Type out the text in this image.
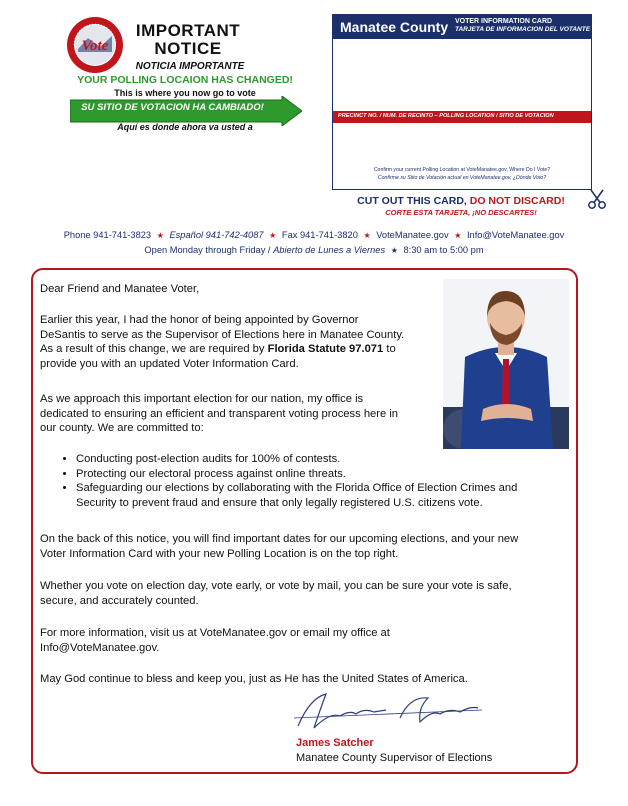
Vote
IMPORTANT
NOTICE
NOTICIA IMPORTANTE
YOUR POLLING LOCAION HAS CHANGED!
This is where you now go to vote
SU SITIO DE VOTACION HA CAMBIADO!
Aquí es donde ahora va usted a
Manatee County VOTER INFORMATION CARD
TARJETA DE INFORMACION DEL VOTANTE
PRECINCT NO. / NUM. DE RECINTO – POLLING LOCATION / SITIO DE VOTACION
Confirm your current Polling Location at VoteManatee.gov, Where Do I Vote?
Confirme su Sitio de Votación actual en VoteManatee.gov, ¿Dónde Voto?
CUT OUT THIS CARD, DO NOT DISCARD!
CORTE ESTA TARJETA, ¡NO DESCARTES!
Phone 941-741-3823 ★ Español 941-742-4087 ★ Fax 941-741-3820 ★ VoteManatee.gov ★ Info@VoteManatee.gov
Open Monday through Friday / Abierto de Lunes a Viernes ★ 8:30 am to 5:00 pm
Dear Friend and Manatee Voter,
Earlier this year, I had the honor of being appointed by Governor
DeSantis to serve as the Supervisor of Elections here in Manatee County.
As a result of this change, we are required by Florida Statute 97.071 to
provide you with an updated Voter Information Card.
As we approach this important election for our nation, my office is
dedicated to ensuring an efficient and transparent voting process here in
our county. We are committed to:
• Conducting post-election audits for 100% of contests.
• Protecting our electoral process against online threats.
• Safeguarding our elections by collaborating with the Florida Office of Election Crimes and
Security to prevent fraud and ensure that only legally registered U.S. citizens vote.
On the back of this notice, you will find important dates for our upcoming elections, and your new
Voter Information Card with your new Polling Location is on the top right.
Whether you vote on election day, vote early, or vote by mail, you can be sure your vote is safe,
secure, and accurately counted.
For more information, visit us at VoteManatee.gov or email my office at
Info@VoteManatee.gov.
May God continue to bless and keep you, just as He has the United States of America.
James Satcher
Manatee County Supervisor of Elections
